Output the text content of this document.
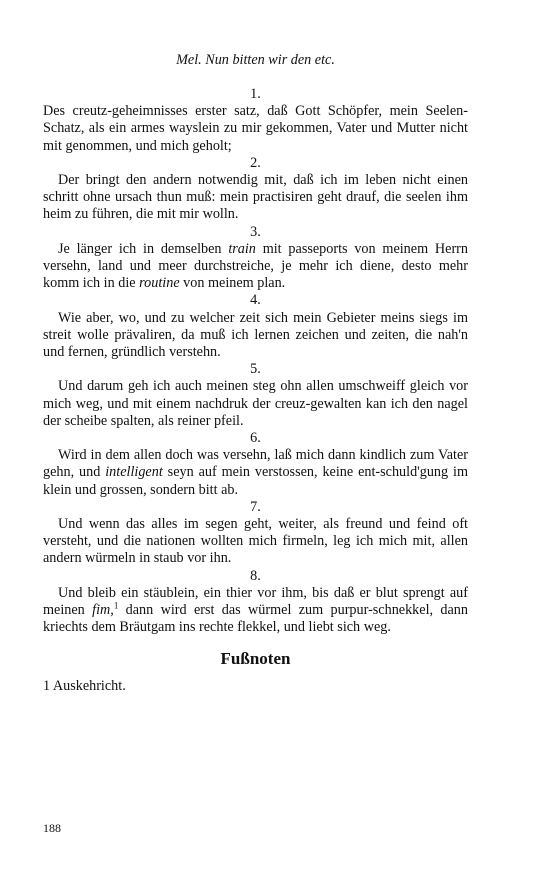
Mel. Nun bitten wir den etc.

1.

Des creutz-geheimnisses erster satz, daß Gott Schöpfer, mein Seelen-Schatz, als ein armes wayslein zu mir gekommen, Vater und Mutter nicht mit genommen, und mich geholt;

2.

Der bringt den andern notwendig mit, daß ich im leben nicht einen schritt ohne ursach thun muß: mein practisiren geht drauf, die seelen ihm heim zu führen, die mit mir wolln.

3.

Je länger ich in demselben train mit passeports von meinem Herrn versehn, land und meer durchstreiche, je mehr ich diene, desto mehr komm ich in die routine von meinem plan.

4.

Wie aber, wo, und zu welcher zeit sich mein Gebieter meins siegs im streit wolle prävaliren, da muß ich lernen zeichen und zeiten, die nah'n und fernen, gründlich verstehn.

5.

Und darum geh ich auch meinen steg ohn allen umschweiff gleich vor mich weg, und mit einem nachdruk der creuz-gewalten kan ich den nagel der scheibe spalten, als reiner pfeil.

6.

Wird in dem allen doch was versehn, laß mich dann kindlich zum Vater gehn, und intelligent seyn auf mein verstossen, keine ent-schuld'gung im klein und grossen, sondern bitt ab.

7.

Und wenn das alles im segen geht, weiter, als freund und feind oft versteht, und die nationen wollten mich firmeln, leg ich mich mit, allen andern würmeln in staub vor ihn.

8.

Und bleib ein stäublein, ein thier vor ihm, bis daß er blut sprengt auf meinen fim,$^1$ dann wird erst das würmel zum purpur-schnekkel, dann kriechts dem Bräutgam ins rechte flekkel, und liebt sich weg.

Fußnoten

1 Auskehricht.

188
